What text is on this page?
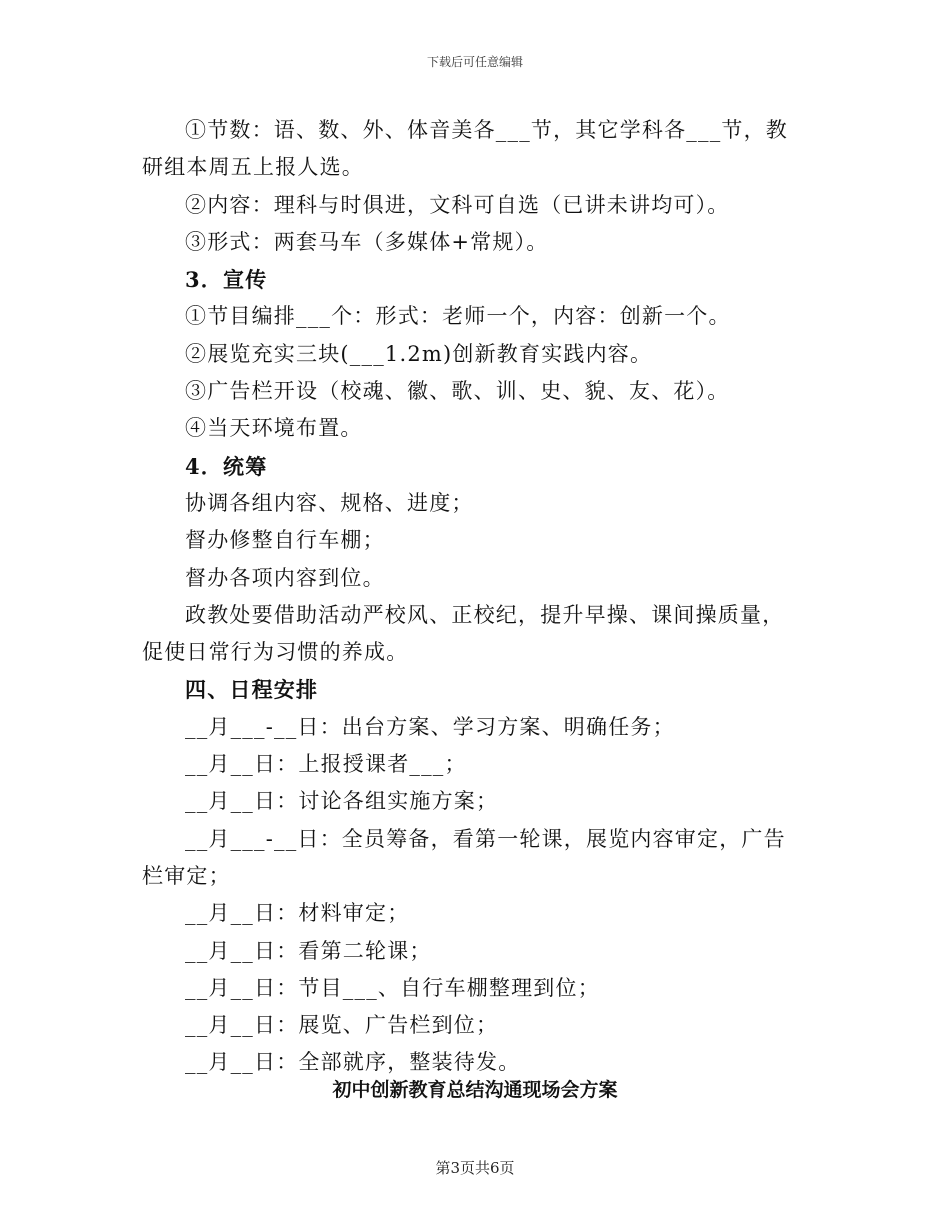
下载后可任意编辑

①节数：语、数、外、体音美各___节，其它学科各___节，教研组本周五上报人选。

②内容：理科与时俱进，文科可自选（已讲未讲均可）。

③形式：两套马车（多媒体+常规）。

3．宣传

①节目编排___个：形式：老师一个，内容：创新一个。

②展览充实三块(___1.2m)创新教育实践内容。

③广告栏开设（校魂、徽、歌、训、史、貌、友、花）。

④当天环境布置。

4．统筹

协调各组内容、规格、进度；

督办修整自行车棚；

督办各项内容到位。

政教处要借助活动严校风、正校纪，提升早操、课间操质量，促使日常行为习惯的养成。

四、日程安排

__月___-__日：出台方案、学习方案、明确任务；

__月__日：上报授课者___；

__月__日：讨论各组实施方案；

__月___-__日：全员筹备，看第一轮课，展览内容审定，广告栏审定；

__月__日：材料审定；

__月__日：看第二轮课；

__月__日：节目___、自行车棚整理到位；

__月__日：展览、广告栏到位；

__月__日：全部就序，整装待发。

初中创新教育总结沟通现场会方案
第3页共6页
